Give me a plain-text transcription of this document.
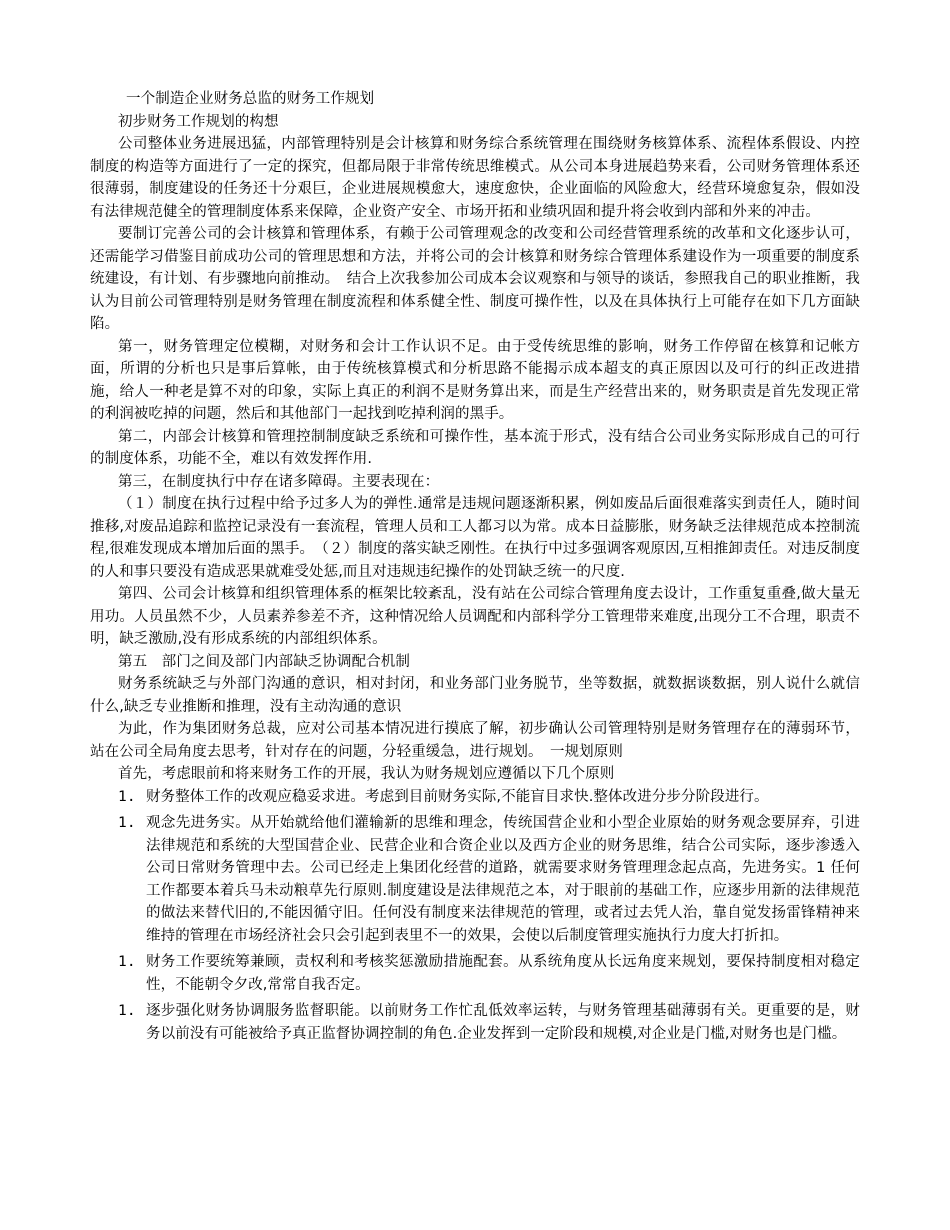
一个制造企业财务总监的财务工作规划

初步财务工作规划的构想

公司整体业务进展迅猛，内部管理特别是会计核算和财务综合系统管理在围绕财务核算体系、流程体系假设、内控制度的构造等方面进行了一定的探究，但都局限于非常传统思维模式。从公司本身进展趋势来看，公司财务管理体系还很薄弱，制度建设的任务还十分艰巨，企业进展规模愈大，速度愈快，企业面临的风险愈大，经营环境愈复杂，假如没有法律规范健全的管理制度体系来保障，企业资产安全、市场开拓和业绩巩固和提升将会收到内部和外来的冲击。

要制订完善公司的会计核算和管理体系，有赖于公司管理观念的改变和公司经营管理系统的改革和文化逐步认可，还需能学习借鉴目前成功公司的管理思想和方法，并将公司的会计核算和财务综合管理体系建设作为一项重要的制度系统建设，有计划、有步骤地向前推动。　结合上次我参加公司成本会议观察和与领导的谈话，参照我自己的职业推断，我认为目前公司管理特别是财务管理在制度流程和体系健全性、制度可操作性，以及在具体执行上可能存在如下几方面缺陷。

第一，财务管理定位模糊，对财务和会计工作认识不足。由于受传统思维的影响，财务工作停留在核算和记帐方面，所谓的分析也只是事后算帐，由于传统核算模式和分析思路不能揭示成本超支的真正原因以及可行的纠正改进措施，给人一种老是算不对的印象，实际上真正的利润不是财务算出来，而是生产经营出来的，财务职责是首先发现正常的利润被吃掉的问题，然后和其他部门一起找到吃掉利润的黑手。

第二，内部会计核算和管理控制制度缺乏系统和可操作性，基本流于形式，没有结合公司业务实际形成自己的可行的制度体系，功能不全，难以有效发挥作用.

第三，在制度执行中存在诸多障碍。主要表现在：

（１）制度在执行过程中给予过多人为的弹性.通常是违规问题逐渐积累，例如废品后面很难落实到责任人，随时间推移,对废品追踪和监控记录没有一套流程，管理人员和工人都习以为常。成本日益膨胀，财务缺乏法律规范成本控制流程,很难发现成本增加后面的黑手。　（２）制度的落实缺乏刚性。在执行中过多强调客观原因,互相推卸责任。对违反制度的人和事只要没有造成恶果就难受处惩,而且对违规违纪操作的处罚缺乏统一的尺度.

第四、公司会计核算和组织管理体系的框架比较紊乱，没有站在公司综合管理角度去设计，工作重复重叠,做大量无用功。人员虽然不少，人员素养参差不齐，这种情况给人员调配和内部科学分工管理带来难度,出现分工不合理，职责不明，缺乏激励,没有形成系统的内部组织体系。

第五　部门之间及部门内部缺乏协调配合机制

财务系统缺乏与外部门沟通的意识，相对封闭，和业务部门业务脱节，坐等数据，就数据谈数据，别人说什么就信什么,缺乏专业推断和推理，没有主动沟通的意识

为此，作为集团财务总裁，应对公司基本情况进行摸底了解，初步确认公司管理特别是财务管理存在的薄弱环节，站在公司全局角度去思考，针对存在的问题，分轻重缓急，进行规划。　一规划原则

首先，考虑眼前和将来财务工作的开展，我认为财务规划应遵循以下几个原则

1. 财务整体工作的改观应稳妥求进。考虑到目前财务实际,不能盲目求快.整体改进分步分阶段进行。
1. 观念先进务实。从开始就给他们灌输新的思维和理念，传统国营企业和小型企业原始的财务观念要屏弃，引进法律规范和系统的大型国营企业、民营企业和合资企业以及西方企业的财务思维，结合公司实际，逐步渗透入公司日常财务管理中去。公司已经走上集团化经营的道路，就需要求财务管理理念起点高，先进务实。1 任何工作都要本着兵马未动粮草先行原则.制度建设是法律规范之本，对于眼前的基础工作，应逐步用新的法律规范的做法来替代旧的,不能因循守旧。任何没有制度来法律规范的管理，或者过去凭人治，靠自觉发扬雷锋精神来维持的管理在市场经济社会只会引起到表里不一的效果，会使以后制度管理实施执行力度大打折扣。
1. 财务工作要统筹兼顾，责权利和考核奖惩激励措施配套。从系统角度从长远角度来规划，要保持制度相对稳定性，不能朝令夕改,常常自我否定。
1. 逐步强化财务协调服务监督职能。以前财务工作忙乱低效率运转，与财务管理基础薄弱有关。更重要的是，财务以前没有可能被给予真正监督协调控制的角色.企业发挥到一定阶段和规模,对企业是门槛,对财务也是门槛。
